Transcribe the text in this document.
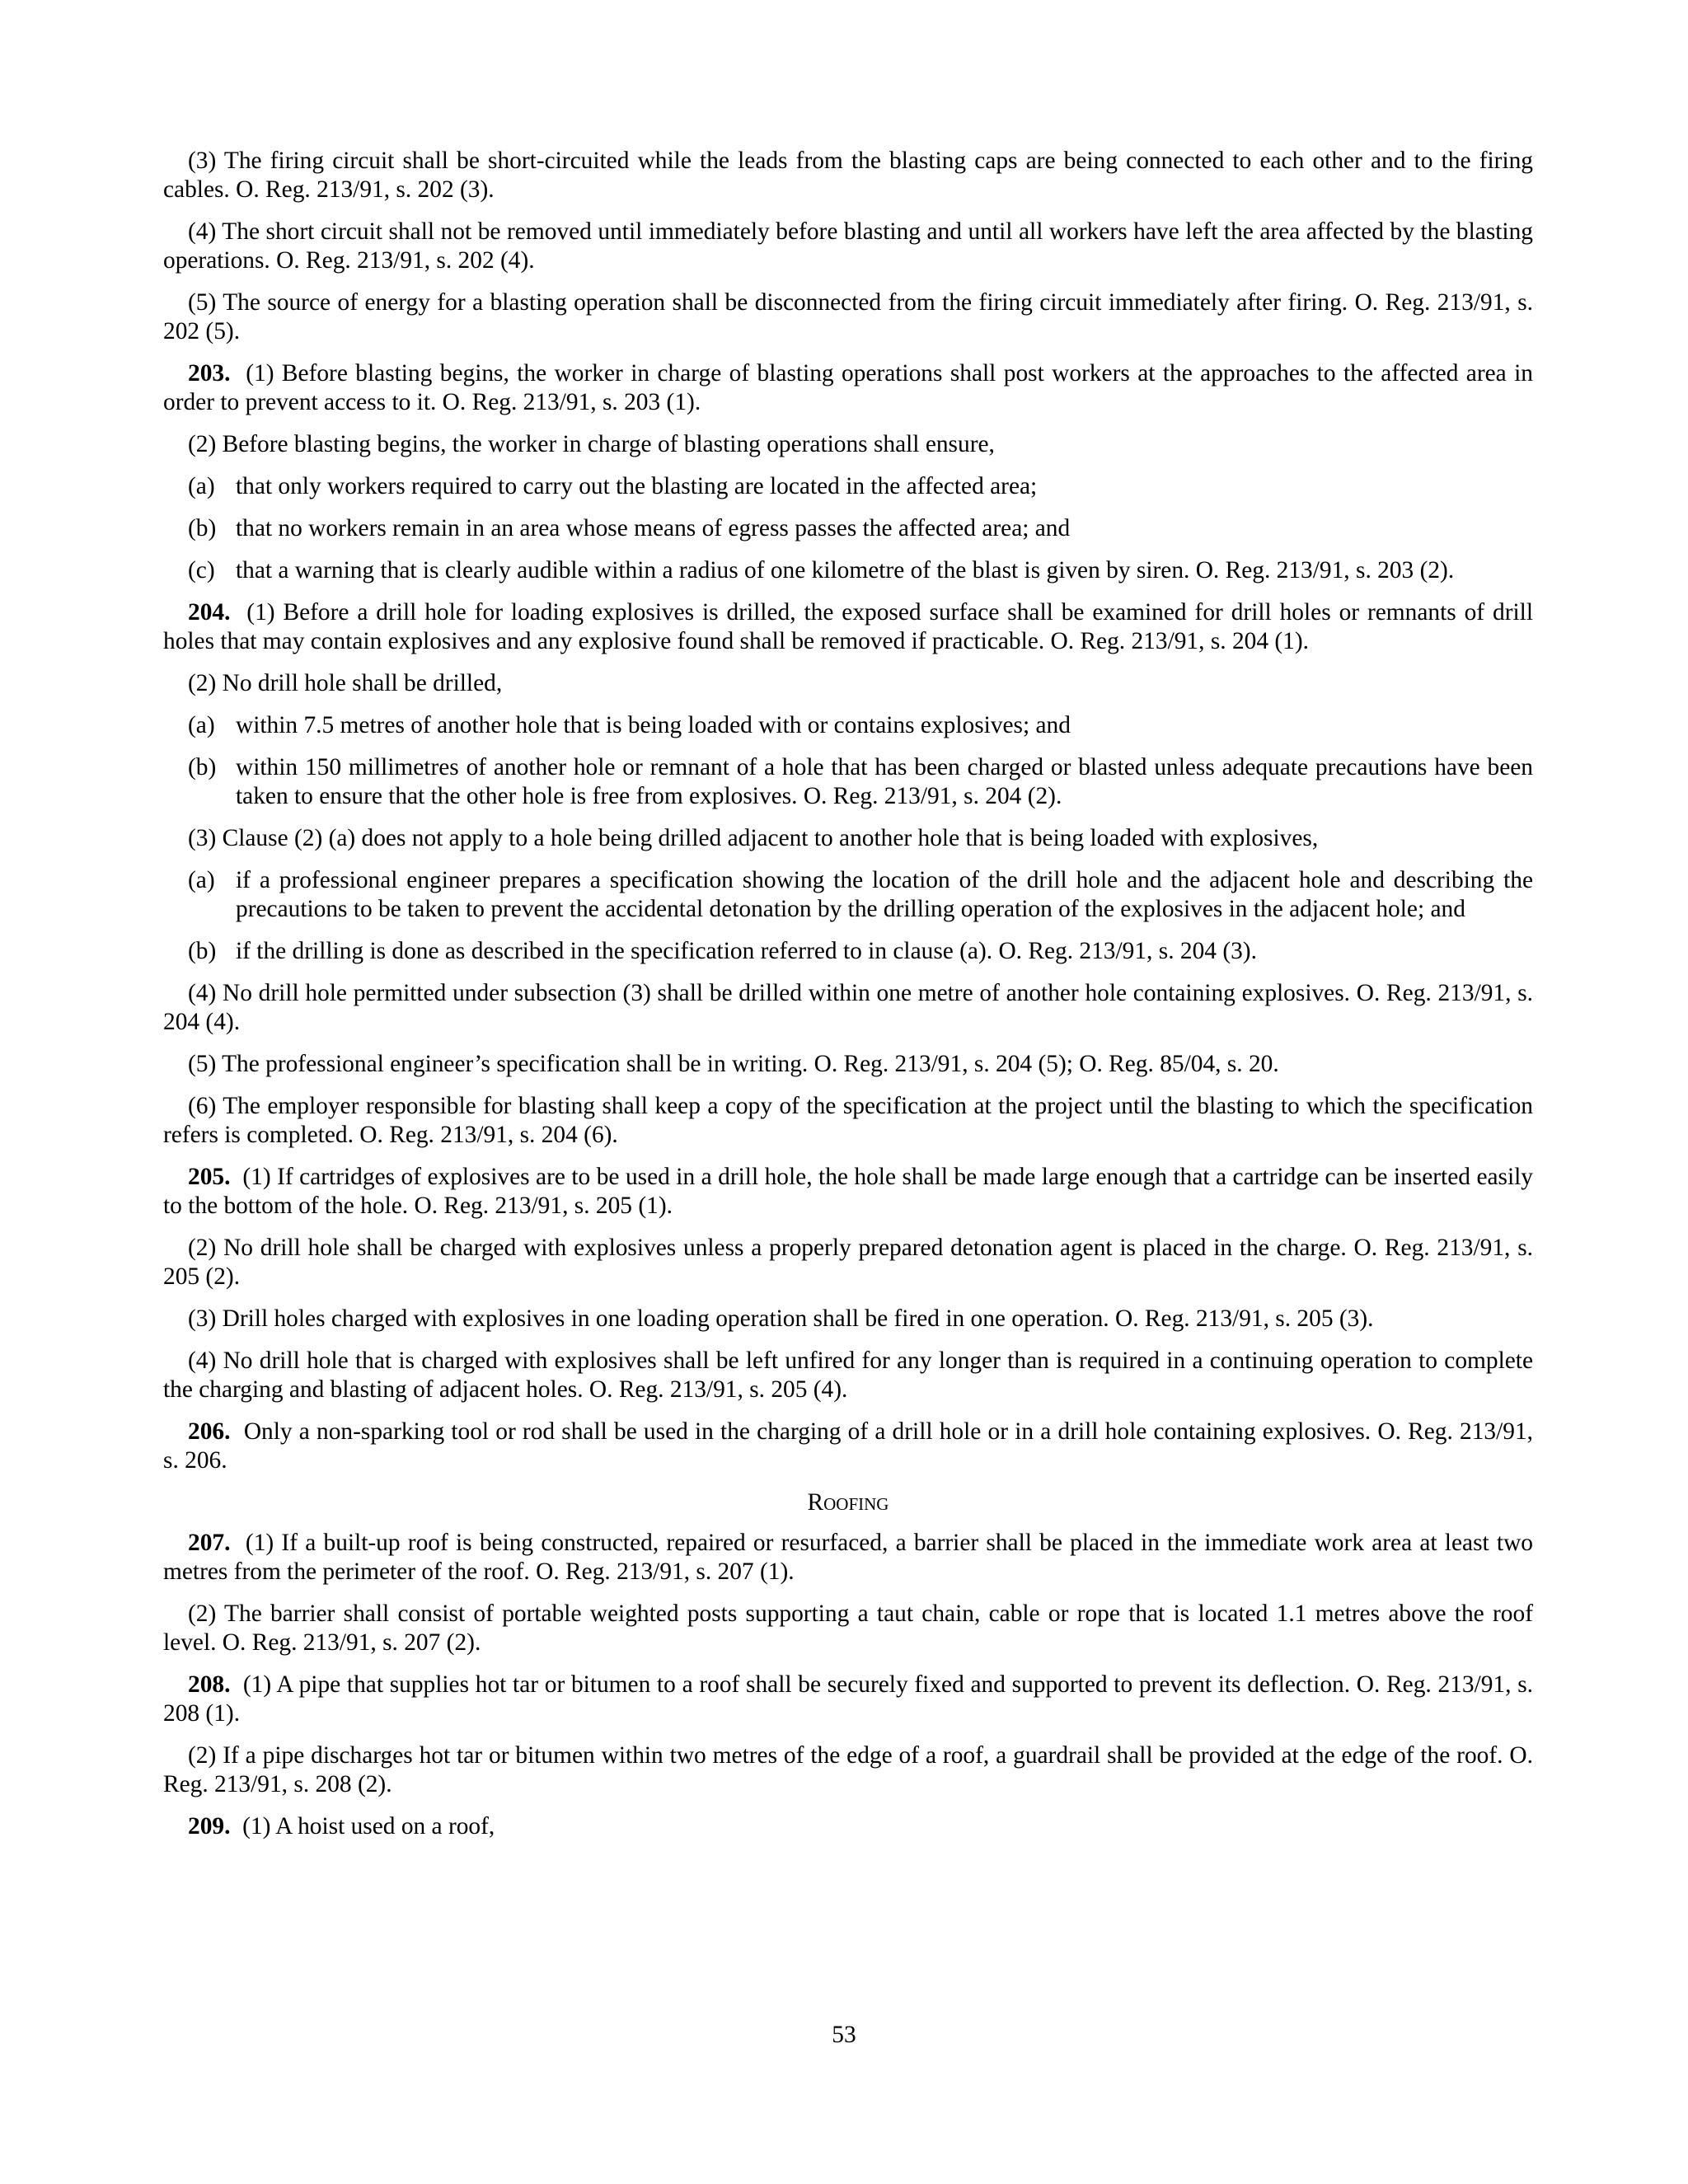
(3) The firing circuit shall be short-circuited while the leads from the blasting caps are being connected to each other and to the firing cables. O. Reg. 213/91, s. 202 (3).
(4) The short circuit shall not be removed until immediately before blasting and until all workers have left the area affected by the blasting operations. O. Reg. 213/91, s. 202 (4).
(5) The source of energy for a blasting operation shall be disconnected from the firing circuit immediately after firing. O. Reg. 213/91, s. 202 (5).
203. (1) Before blasting begins, the worker in charge of blasting operations shall post workers at the approaches to the affected area in order to prevent access to it. O. Reg. 213/91, s. 203 (1).
(2) Before blasting begins, the worker in charge of blasting operations shall ensure,
(a) that only workers required to carry out the blasting are located in the affected area;
(b) that no workers remain in an area whose means of egress passes the affected area; and
(c) that a warning that is clearly audible within a radius of one kilometre of the blast is given by siren. O. Reg. 213/91, s. 203 (2).
204. (1) Before a drill hole for loading explosives is drilled, the exposed surface shall be examined for drill holes or remnants of drill holes that may contain explosives and any explosive found shall be removed if practicable. O. Reg. 213/91, s. 204 (1).
(2) No drill hole shall be drilled,
(a) within 7.5 metres of another hole that is being loaded with or contains explosives; and
(b) within 150 millimetres of another hole or remnant of a hole that has been charged or blasted unless adequate precautions have been taken to ensure that the other hole is free from explosives. O. Reg. 213/91, s. 204 (2).
(3) Clause (2) (a) does not apply to a hole being drilled adjacent to another hole that is being loaded with explosives,
(a) if a professional engineer prepares a specification showing the location of the drill hole and the adjacent hole and describing the precautions to be taken to prevent the accidental detonation by the drilling operation of the explosives in the adjacent hole; and
(b) if the drilling is done as described in the specification referred to in clause (a). O. Reg. 213/91, s. 204 (3).
(4) No drill hole permitted under subsection (3) shall be drilled within one metre of another hole containing explosives. O. Reg. 213/91, s. 204 (4).
(5) The professional engineer’s specification shall be in writing. O. Reg. 213/91, s. 204 (5); O. Reg. 85/04, s. 20.
(6) The employer responsible for blasting shall keep a copy of the specification at the project until the blasting to which the specification refers is completed. O. Reg. 213/91, s. 204 (6).
205. (1) If cartridges of explosives are to be used in a drill hole, the hole shall be made large enough that a cartridge can be inserted easily to the bottom of the hole. O. Reg. 213/91, s. 205 (1).
(2) No drill hole shall be charged with explosives unless a properly prepared detonation agent is placed in the charge. O. Reg. 213/91, s. 205 (2).
(3) Drill holes charged with explosives in one loading operation shall be fired in one operation. O. Reg. 213/91, s. 205 (3).
(4) No drill hole that is charged with explosives shall be left unfired for any longer than is required in a continuing operation to complete the charging and blasting of adjacent holes. O. Reg. 213/91, s. 205 (4).
206. Only a non-sparking tool or rod shall be used in the charging of a drill hole or in a drill hole containing explosives. O. Reg. 213/91, s. 206.
Roofing
207. (1) If a built-up roof is being constructed, repaired or resurfaced, a barrier shall be placed in the immediate work area at least two metres from the perimeter of the roof. O. Reg. 213/91, s. 207 (1).
(2) The barrier shall consist of portable weighted posts supporting a taut chain, cable or rope that is located 1.1 metres above the roof level. O. Reg. 213/91, s. 207 (2).
208. (1) A pipe that supplies hot tar or bitumen to a roof shall be securely fixed and supported to prevent its deflection. O. Reg. 213/91, s. 208 (1).
(2) If a pipe discharges hot tar or bitumen within two metres of the edge of a roof, a guardrail shall be provided at the edge of the roof. O. Reg. 213/91, s. 208 (2).
209. (1) A hoist used on a roof,
53
